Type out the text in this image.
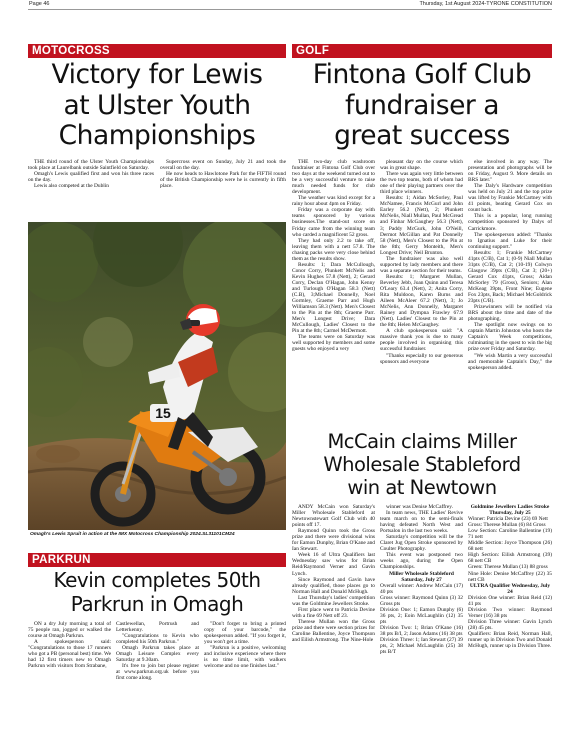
Page 46	Thursday, 1st August 2024-TYRONE CONSTITUTION
MOTOCROSS
Victory for Lewis
at Ulster Youth
Championships

THE third round of the Ulster Youth Championships took place at Laurelbank outside Saintfield on Saturday.

Omagh's Lewis qualified first and won his three races on the day.

Lewis also competed at the Dublin

Supercross event on Sunday, July 21 and took the overall on the day.

He now heads to Hawlotone Park for the FIFTH round of the British Championship were he is currently in fifth place.

15
Omagh's Lewis Spruit in action at the IMX Motocross Championship 2024.SL31101CM24
GOLF
Fintona Golf Club
fundraiser a
great success

THE two-day club washroom fundraiser at Fintona Golf Club over two days at the weekend turned out to be a very successful venture to raise much needed funds for club development.

The weather was kind except for a rainy hour about 4pm on Friday.

Friday was a corporate day with teams sponsored by various businesses.The stand-out score on Friday came from the winning team who carded a magnificent 52 gross.

They had only 2.2 to take off, leaving them with a nett 57.8. The chasing packs were very close behind them as the results show.

Results: 1; Dara McCullough, Conor Corry, Plunkett McNelis and Kevin Hughes 57.8 (Nett), 2; Gerard Corry, Declan O'Hagan, John Kenny and Turlough O'Hagan 58.3 (Nett) (C.B), 3;Michael Donnelly, Noel Gormley, Graeme Parr and Hugh Williamson 58.3 (Nett). Men's Closest to the Pin at the 8th; Graeme Parr. Men's Longest Drive; Dara McCullough, Ladies' Closest to the Pin at the 8th; Carmel McDermott.

The teams were on Saturday was well supported by members and some guests who enjoyed a very

pleasant day on the course which was in great shape.

There was again very little between the two top teams, both of whom had one of their playing partners over the third place winners.

Results: 1; Aidan McSorley, Paul McNamee, Francis McGurl and John Earley 56.2 (Nett), 2; Plunkett McNelis, Niall Mullan, Paul McGread and Finbar McGaughey 56.3 (Nett), 3; Paddy McGurk, John O'Neill, Dermot McGillan and Pat Donnelly 58 (Nett), Men's Closest to the Pin at the 8th; Gerry Monteith, Men's Longest Drive; Neil Brunton.

The fundraiser was also well supported by lady members and there was a separate section for their teams.

Results: 1; Margaret Mullan, Beverley Jebb, Joan Quinn and Teresa O'Leary 63.4 (Nett), 2; Anita Corry, Rita Muldoon, Karen Burns and Aileen McAleer 67.2 (Nett), 3; Jo McNelis, Ann Donnelly, Margaret Rainey and Dympna Frawley 67.9 (Nett). Ladies' Closest to the Pin at the 8th; Helen McGaughey.

A club spokesperson said: "A massive thank you is due to many people involved in organising this successful fundraiser.

"Thanks especially to our generous sponsors and everyone

else involved in any way. The presentation and photographs will be on Friday, August 9. More details on BRS later."

The Daly's Hardware competition was held on July 21 and the top prize was lifted by Frankie McCartney with 41 points, beating Gerard Cox on count back.

This is a popular, long running competition sponsored by Dalys of Carrickmore.

The spokesperson added: "Thanks to Ignatius and Luke for their continuing support."

Results: 1; Frankie McCartney 41pts (C/B), Cat 1; (0-9) Niall Mullan 31pts (C/B), Cat 2; (10-19) Colwyn Glasgow 39pts (C/B), Cat 3; (20+) Gerard Cox 41pts, Gross; Aidan McSorley 79 (Gross), Seniors; Alan McKeag 39pts, Front Nine; Eugene Fox 23pts, Back; Michael McGoldrick 23pts (C/B).

Prizewinners will be notified via BRS about the time and date of the photographing.

The spotlight now swings on to captain Martin Johnston who hosts the Captain's Week competitions, culminating in the quest to win the big prize over Friday and Saturday.

"We wish Martin a very successful and memorable Captain's Day," the spokesperson added.

McCain claims Miller
Wholesale Stableford
win at Newtown

ANDY McCain won Saturday's Miller Wholesale Stableford at Newtownstewart Golf Club with 40 points off 17.

Raymond Quinn took the Gross prize and there were divisional wins for Eamon Dunphy, Brian O'Kane and Ian Stewart.

Week 16 of Ultra Qualifiers last Wednesday saw wins for Brian Reid/Raymond Verner and Gavin Lynch.

Since Raymond and Gavin have already qualified, those places go to Norman Hall and Donald McHugh.

Last Thursday's ladies' competition was the Goldmine Jewellers Stroke.

First place went to Patricia Devine with a fine 69 Nett off 23.

Therese Mullan won the Gross prize and there were section prizes for Caroline Ballentine, Joyce Thompson and Eilish Armstrong. The Nine-Hole

winner was Denise McCaffrey.

In team news, THE Ladies' Revive team march on to the semi-finals having defeated North West and Portsalon in the last two weeks.

Saturday's competition will be the Claret Jug Open Stroke sponsored by Coulter Photography.

This event was postponed two weeks ago, during the Open Championships.

Miller Wholesale Stableford Saturday, July 27

Overall winner: Andrew McCain (17) 40 pts

Gross winner: Raymond Quinn (3) 32 Gross pts

Division One: 1; Eamon Dunphy (6) 36 pts, 2; Eoin McLaughlin (12) 35 pts

Division Two: 1; Brian O'Kane (16) 38 pts B/I, 2; Jason Adams (16) 38 pts

Division Three: 1; Ian Stewart (27) 39 pts, 2; Michael McLaughlin (25) 38 pts B/T

Goldmine Jewellers Ladies Stroke Thursday, July 25

Winner: Patricia Devine (23) 69 Nett

Gross: Therese Mullan (6) 84 Gross

Low Section: Caroline Ballentine (19) 71 nett

Middle Section: Joyce Thompson (26) 68 nett

High Section: Eilish Armstrong (39) 68 nett CB

Green: Therese Mullan (13) 88 gross

Nine Hole: Denise McCaffrey (22) 35 nett CB

ULTRA Qualifier Wednesday, July 24

Division One winner: Brian Reid (12) 41 pts

Division Two winner: Raymond Verner (16) 38 pts

Division Three winner: Gavin Lynch (28) 45 pts.

Qualifiers: Brian Reid, Norman Hall, runner up in Division Two and Donald McHugh, runner up in Division Three.

PARKRUN
Kevin completes 50th Parkrun in Omagh

ON a dry July morning a total of 75 people ran, jogged or walked the course at Omagh Parkrun.

A spokesperson said: "Congratulations to those 17 runners who got a PB (personal best) time. We had 12 first timers new to Omagh Parkrun with visitors from Strabane,

Castlewellan, Portrush and Letterkenny.

"Congratulations to Kevin who completed his 50th Parkrun."

Omagh Parkrun takes place at Omagh Leisure Complex every Saturday at 9.30am.

It's free to join but please register at www.parkrun.org.uk before you first come along.

"Don't forget to bring a printed copy of your barcode," the spokesperson added. "If you forget it, you won't get a time.

"Parkrun is a positive, welcoming and inclusive experience where there is no time limit, with walkers welcome and no one finishes last."
